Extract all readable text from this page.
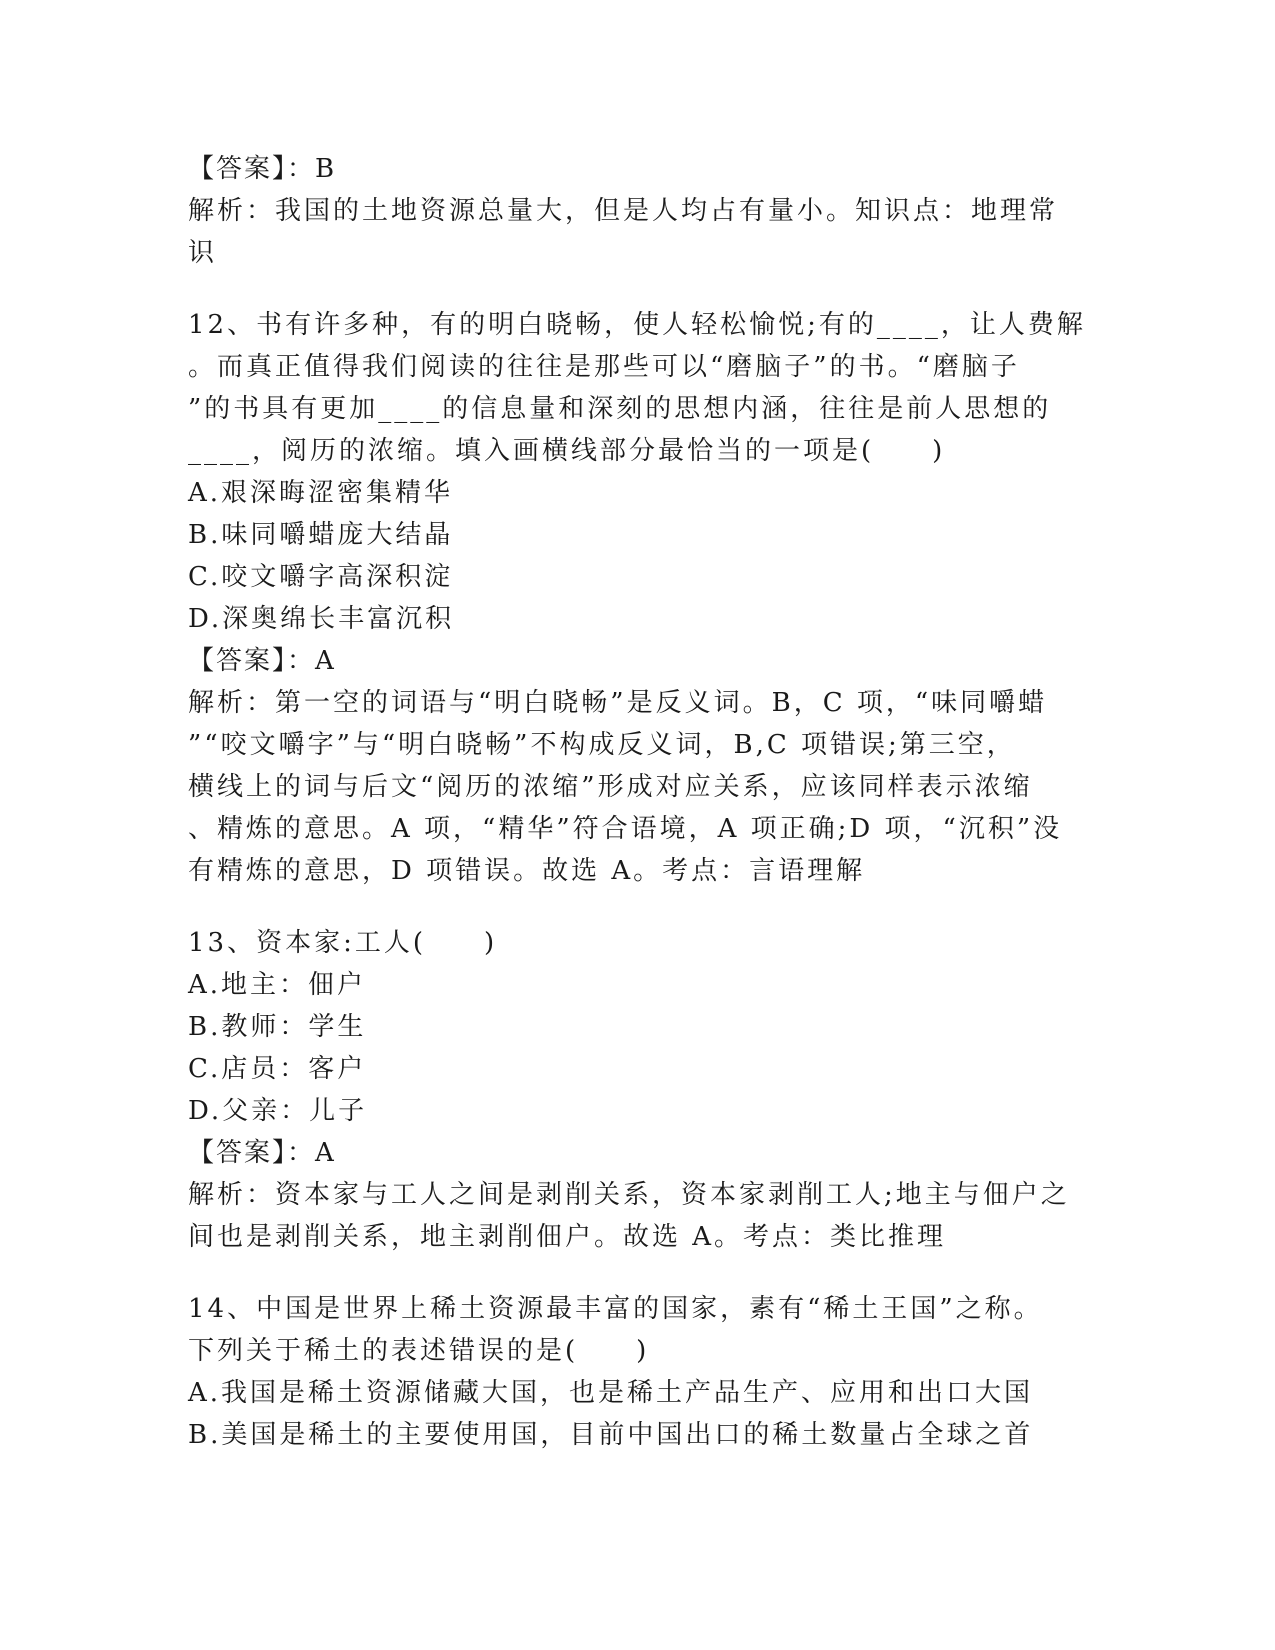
【答案】：B
解析：我国的土地资源总量大，但是人均占有量小。知识点：地理常
识
12、书有许多种，有的明白晓畅，使人轻松愉悦;有的____，让人费解
。而真正值得我们阅读的往往是那些可以“磨脑子”的书。“磨脑子
”的书具有更加____的信息量和深刻的思想内涵，往往是前人思想的
____，阅历的浓缩。填入画横线部分最恰当的一项是(　　)
A.艰深晦涩密集精华
B.味同嚼蜡庞大结晶
C.咬文嚼字高深积淀
D.深奥绵长丰富沉积
【答案】：A
解析：第一空的词语与“明白晓畅”是反义词。B，C 项，“味同嚼蜡
”“咬文嚼字”与“明白晓畅”不构成反义词，B,C 项错误;第三空，
横线上的词与后文“阅历的浓缩”形成对应关系，应该同样表示浓缩
、精炼的意思。A 项，“精华”符合语境，A 项正确;D 项，“沉积”没
有精炼的意思，D 项错误。故选 A。考点：言语理解
13、资本家:工人(　　)
A.地主：佃户
B.教师：学生
C.店员：客户
D.父亲：儿子
【答案】：A
解析：资本家与工人之间是剥削关系，资本家剥削工人;地主与佃户之
间也是剥削关系，地主剥削佃户。故选 A。考点：类比推理
14、中国是世界上稀土资源最丰富的国家，素有“稀土王国”之称。
下列关于稀土的表述错误的是(　　)
A.我国是稀土资源储藏大国，也是稀土产品生产、应用和出口大国
B.美国是稀土的主要使用国，目前中国出口的稀土数量占全球之首
